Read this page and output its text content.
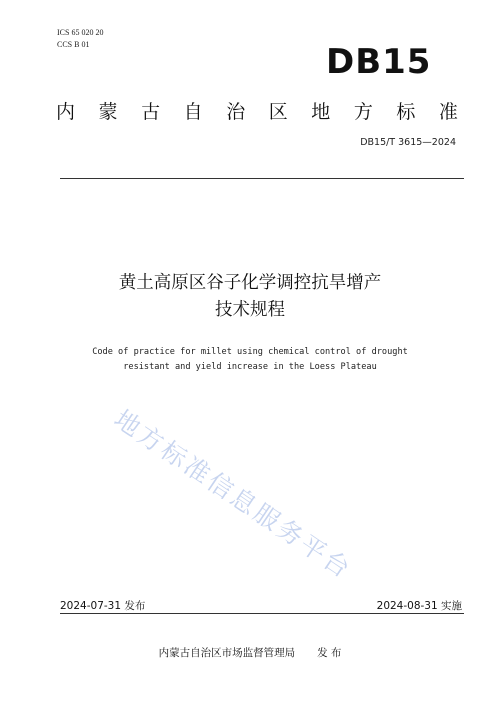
ICS 65 020 20
CCS B 01	DB15
内 蒙 古 自 治 区 地 方 标 准
DB15/T 3615—2024
黄土高原区谷子化学调控抗旱增产
技术规程
Code of practice for millet using chemical control of drought
resistant and yield increase in the Loess Plateau
地方标准信息服务平台
2024-07-31 发布	2024-08-31 实施
内蒙古自治区市场监督管理局 发 布
